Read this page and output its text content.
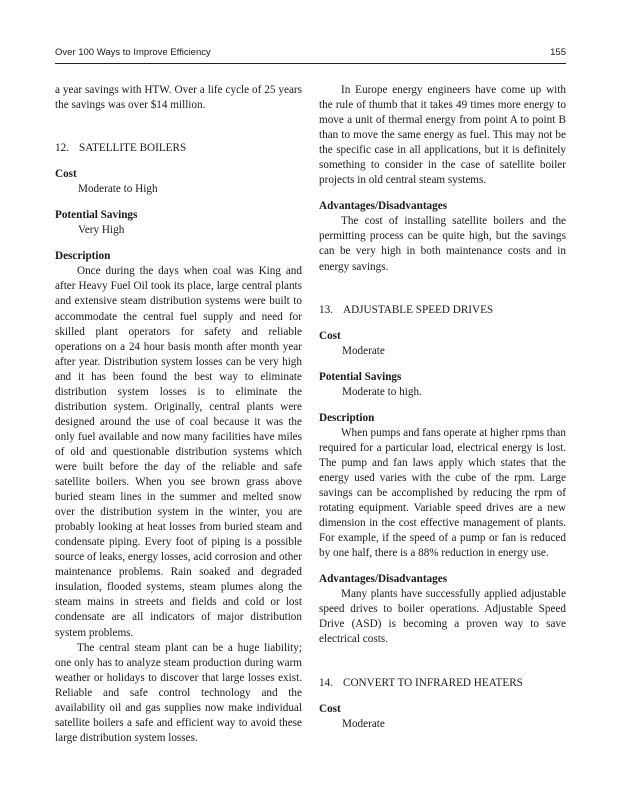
Over 100 Ways to Improve Efficiency	155

a year savings with HTW. Over a life cycle of 25 years the savings was over $14 million.

12. SATELLITE BOILERS
Cost
Moderate to High
Potential Savings
Very High
Description

Once during the days when coal was King and after Heavy Fuel Oil took its place, large central plants and extensive steam distribution systems were built to accommodate the central fuel supply and need for skilled plant operators for safety and reliable operations on a 24 hour basis month after month year after year. Distribution system losses can be very high and it has been found the best way to eliminate distribution system losses is to eliminate the distribution system. Originally, central plants were designed around the use of coal because it was the only fuel available and now many facilities have miles of old and questionable distribution systems which were built before the day of the reliable and safe satellite boilers. When you see brown grass above buried steam lines in the summer and melted snow over the distribution system in the winter, you are probably looking at heat losses from buried steam and condensate piping. Every foot of piping is a possible source of leaks, energy losses, acid corrosion and other maintenance problems. Rain soaked and degraded insulation, flooded systems, steam plumes along the steam mains in streets and fields and cold or lost condensate are all indicators of major distribution system problems.

The central steam plant can be a huge liability; one only has to analyze steam production during warm weather or holidays to discover that large losses exist. Reliable and safe control technology and the availability oil and gas supplies now make individual satellite boilers a safe and efficient way to avoid these large distribution system losses.

In Europe energy engineers have come up with the rule of thumb that it takes 49 times more energy to move a unit of thermal energy from point A to point B than to move the same energy as fuel. This may not be the specific case in all applications, but it is definitely something to consider in the case of satellite boiler projects in old central steam systems.

Advantages/Disadvantages

The cost of installing satellite boilers and the permitting process can be quite high, but the savings can be very high in both maintenance costs and in energy savings.

13. ADJUSTABLE SPEED DRIVES
Cost
Moderate
Potential Savings
Moderate to high.
Description

When pumps and fans operate at higher rpms than required for a particular load, electrical energy is lost. The pump and fan laws apply which states that the energy used varies with the cube of the rpm. Large savings can be accomplished by reducing the rpm of rotating equipment. Variable speed drives are a new dimension in the cost effective management of plants. For example, if the speed of a pump or fan is reduced by one half, there is a 88% reduction in energy use.

Advantages/Disadvantages

Many plants have successfully applied adjustable speed drives to boiler operations. Adjustable Speed Drive (ASD) is becoming a proven way to save electrical costs.

14. CONVERT TO INFRARED HEATERS
Cost
Moderate
